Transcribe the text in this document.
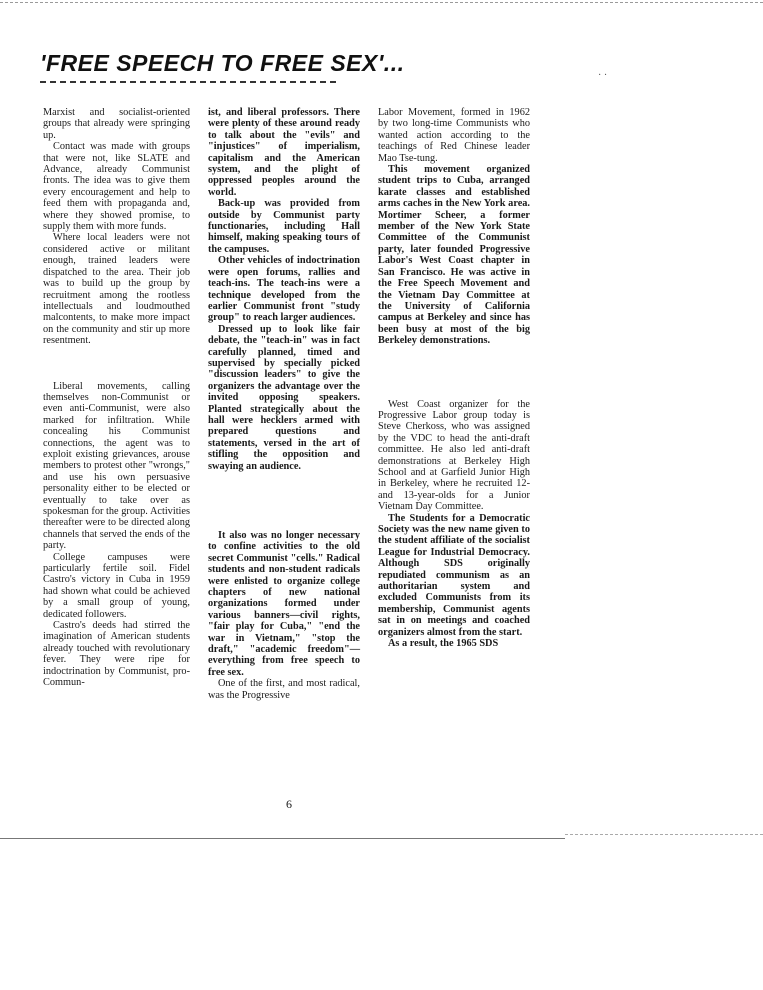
'FREE SPEECH TO FREE SEX'...	· ·

Marxist and socialist-oriented groups that already were springing up.

Contact was made with groups that were not, like SLATE and Advance, already Communist fronts. The idea was to give them every encouragement and help to feed them with propaganda and, where they showed promise, to supply them with more funds.

Where local leaders were not considered active or militant enough, trained leaders were dispatched to the area. Their job was to build up the group by recruitment among the rootless intellectuals and loudmouthed malcontents, to make more impact on the community and stir up more resentment.

Liberal movements, calling themselves non-Communist or even anti-Communist, were also marked for infiltration. While concealing his Communist connections, the agent was to exploit existing grievances, arouse members to protest other "wrongs," and use his own persuasive personality either to be elected or eventually to take over as spokesman for the group. Activities thereafter were to be directed along channels that served the ends of the party.

College campuses were particularly fertile soil. Fidel Castro's victory in Cuba in 1959 had shown what could be achieved by a small group of young, dedicated followers.

Castro's deeds had stirred the imagination of American students already touched with revolutionary fever. They were ripe for indoctrination by Communist, pro-Commun-

ist, and liberal professors. There were plenty of these around ready to talk about the "evils" and "injustices" of imperialism, capitalism and the American system, and the plight of oppressed peoples around the world.

Back-up was provided from outside by Communist party functionaries, including Hall himself, making speaking tours of the campuses.

Other vehicles of indoctrination were open forums, rallies and teach-ins. The teach-ins were a technique developed from the earlier Communist front "study group" to reach larger audiences.

Dressed up to look like fair debate, the "teach-in" was in fact carefully planned, timed and supervised by specially picked "discussion leaders" to give the organizers the advantage over the invited opposing speakers. Planted strategically about the hall were hecklers armed with prepared questions and statements, versed in the art of stifling the opposition and swaying an audience.

It also was no longer necessary to confine activities to the old secret Communist "cells." Radical students and non-student radicals were enlisted to organize college chapters of new national organizations formed under various banners—civil rights, "fair play for Cuba," "end the war in Vietnam," "stop the draft," "academic freedom"—everything from free speech to free sex.

One of the first, and most radical, was the Progressive

Labor Movement, formed in 1962 by two long-time Communists who wanted action according to the teachings of Red Chinese leader Mao Tse-tung.

This movement organized student trips to Cuba, arranged karate classes and established arms caches in the New York area. Mortimer Scheer, a former member of the New York State Committee of the Communist party, later founded Progressive Labor's West Coast chapter in San Francisco. He was active in the Free Speech Movement and the Vietnam Day Committee at the University of California campus at Berkeley and since has been busy at most of the big Berkeley demonstrations.

West Coast organizer for the Progressive Labor group today is Steve Cherkoss, who was assigned by the VDC to head the anti-draft committee. He also led anti-draft demonstrations at Berkeley High School and at Garfield Junior High in Berkeley, where he recruited 12- and 13-year-olds for a Junior Vietnam Day Committee.

The Students for a Democratic Society was the new name given to the student affiliate of the socialist League for Industrial Democracy. Although SDS originally repudiated communism as an authoritarian system and excluded Communists from its membership, Communist agents sat in on meetings and coached organizers almost from the start.

As a result, the 1965 SDS

6
